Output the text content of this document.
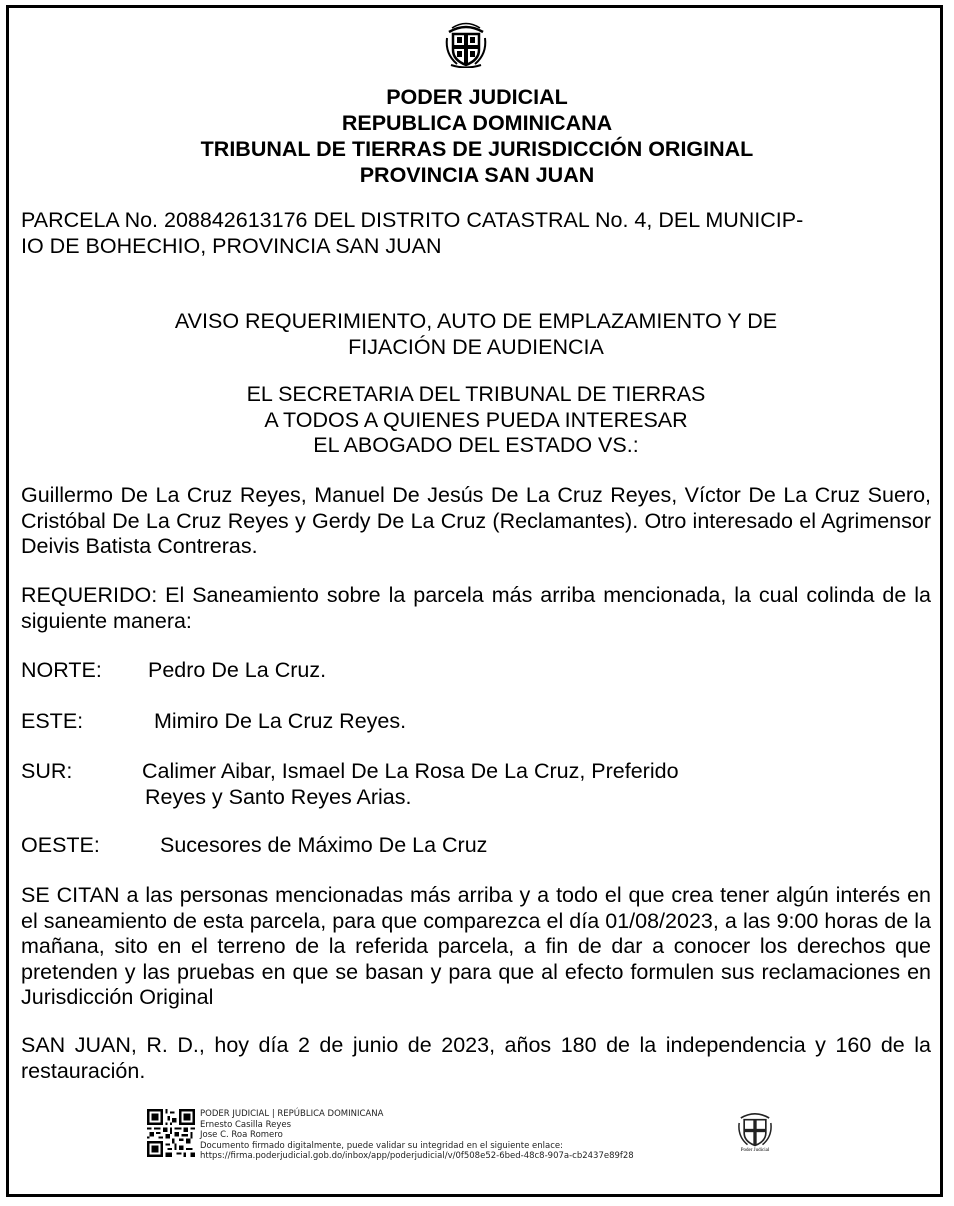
PODER JUDICIAL
REPUBLICA DOMINICANA
TRIBUNAL DE TIERRAS DE JURISDICCIÓN ORIGINAL
PROVINCIA SAN JUAN
PARCELA No. 208842613176 DEL DISTRITO CATASTRAL No. 4, DEL MUNICIP-
IO DE BOHECHIO, PROVINCIA SAN JUAN
AVISO REQUERIMIENTO, AUTO DE EMPLAZAMIENTO Y DE
FIJACIÓN DE AUDIENCIA
EL SECRETARIA DEL TRIBUNAL DE TIERRAS
A TODOS A QUIENES PUEDA INTERESAR
EL ABOGADO DEL ESTADO VS.:
Guillermo De La Cruz Reyes, Manuel De Jesús De La Cruz Reyes, Víctor De La Cruz Suero, Cristóbal De La Cruz Reyes y Gerdy De La Cruz (Reclamantes). Otro interesado el Agrimensor Deivis Batista Contreras.
REQUERIDO: El Saneamiento sobre la parcela más arriba mencionada, la cual colinda de la siguiente manera:
NORTE: Pedro De La Cruz.
ESTE:	Mimiro De La Cruz Reyes.
SUR:	Calimer Aibar, Ismael De La Rosa De La Cruz, Preferido
Reyes y Santo Reyes Arias.
OESTE:	Sucesores de Máximo De La Cruz
SE CITAN a las personas mencionadas más arriba y a todo el que crea tener algún interés en el saneamiento de esta parcela, para que comparezca el día 01/08/2023, a las 9:00 horas de la mañana, sito en el terreno de la referida parcela, a fin de dar a conocer los derechos que pretenden y las pruebas en que se basan y para que al efecto formulen sus reclamaciones en Jurisdicción Original
SAN JUAN, R. D., hoy día 2 de junio de 2023, años 180 de la independencia y 160 de la restauración.
PODER JUDICIAL | REPÚBLICA DOMINICANA
Ernesto Casilla Reyes
Jose C. Roa Romero
Documento firmado digitalmente, puede validar su integridad en el siguiente enlace:
https://firma.poderjudicial.gob.do/inbox/app/poderjudicial/v/0f508e52-6bed-48c8-907a-cb2437e89f28
Poder Judicial
